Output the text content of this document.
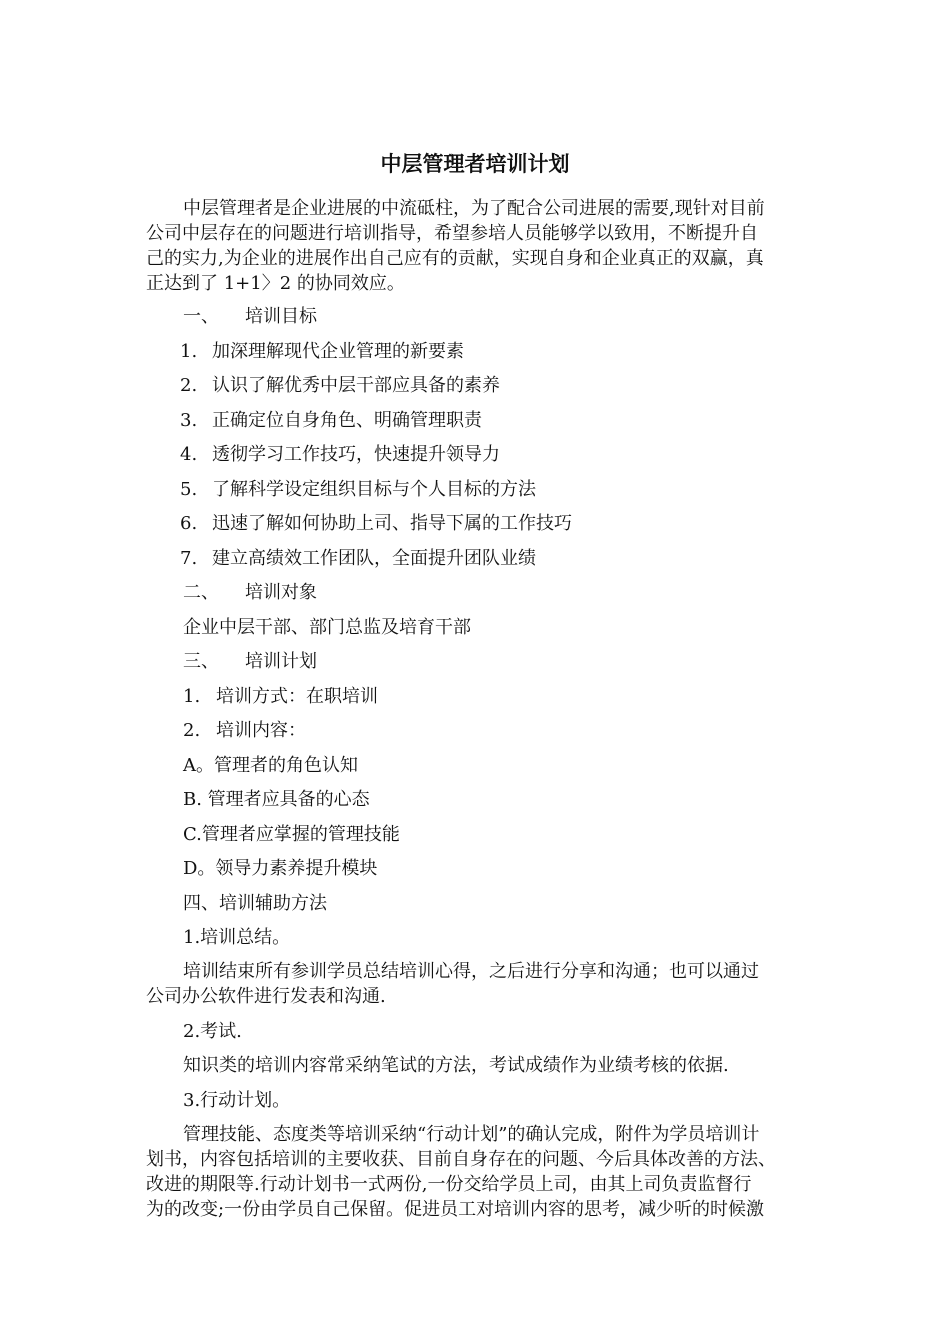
中层管理者培训计划
中层管理者是企业进展的中流砥柱，为了配合公司进展的需要,现针对目前
公司中层存在的问题进行培训指导，希望参培人员能够学以致用，不断提升自
己的实力,为企业的进展作出自己应有的贡献，实现自身和企业真正的双赢，真
正达到了 1+1〉2 的协同效应。
一、 培训目标
1. 加深理解现代企业管理的新要素
2. 认识了解优秀中层干部应具备的素养
3. 正确定位自身角色、明确管理职责
4. 透彻学习工作技巧，快速提升领导力
5. 了解科学设定组织目标与个人目标的方法
6. 迅速了解如何协助上司、指导下属的工作技巧
7. 建立高绩效工作团队，全面提升团队业绩
二、 培训对象
企业中层干部、部门总监及培育干部
三、 培训计划
1. 培训方式：在职培训
2. 培训内容：
A。管理者的角色认知
B. 管理者应具备的心态
C.管理者应掌握的管理技能
D。领导力素养提升模块
四、培训辅助方法
1.培训总结。
培训结束所有参训学员总结培训心得，之后进行分享和沟通；也可以通过
公司办公软件进行发表和沟通.
2.考试.
知识类的培训内容常采纳笔试的方法，考试成绩作为业绩考核的依据.
3.行动计划。
管理技能、态度类等培训采纳“行动计划”的确认完成，附件为学员培训计
划书，内容包括培训的主要收获、目前自身存在的问题、今后具体改善的方法、
改进的期限等.行动计划书一式两份,一份交给学员上司，由其上司负责监督行
为的改变;一份由学员自己保留。促进员工对培训内容的思考，减少听的时候激
